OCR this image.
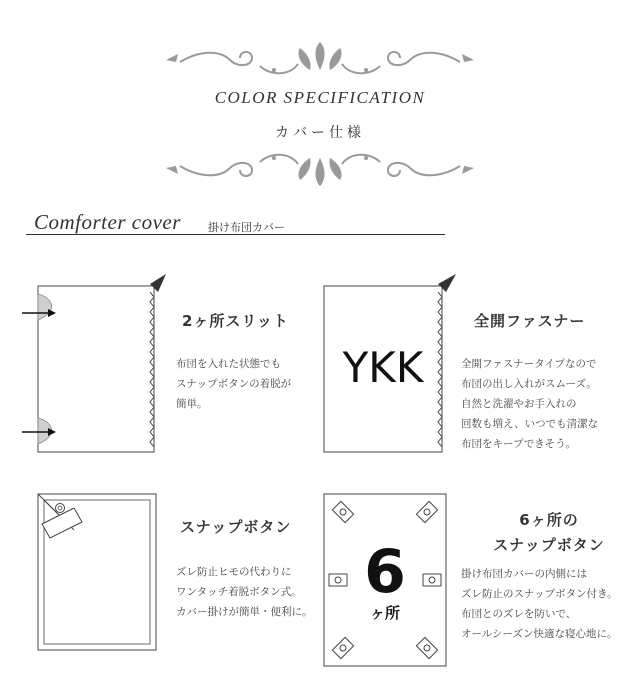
COLOR SPECIFICATION
カバー仕様
Comforter cover 掛け布団カバー
2ヶ所スリット
布団を入れた状態でも
スナップボタンの着脱が
簡単。
YKK
全開ファスナー
全開ファスナータイプなので
布団の出し入れがスムーズ。
自然と洗濯やお手入れの
回数も増え、いつでも清潔な
布団をキープできそう。
スナップボタン
ズレ防止ヒモの代わりに
ワンタッチ着脱ボタン式。
カバー掛けが簡単・便利に。
6
ヶ所
6ヶ所の
スナップボタン
掛け布団カバーの内側には
ズレ防止のスナップボタン付き。
布団とのズレを防いで、
オールシーズン快適な寝心地に。
